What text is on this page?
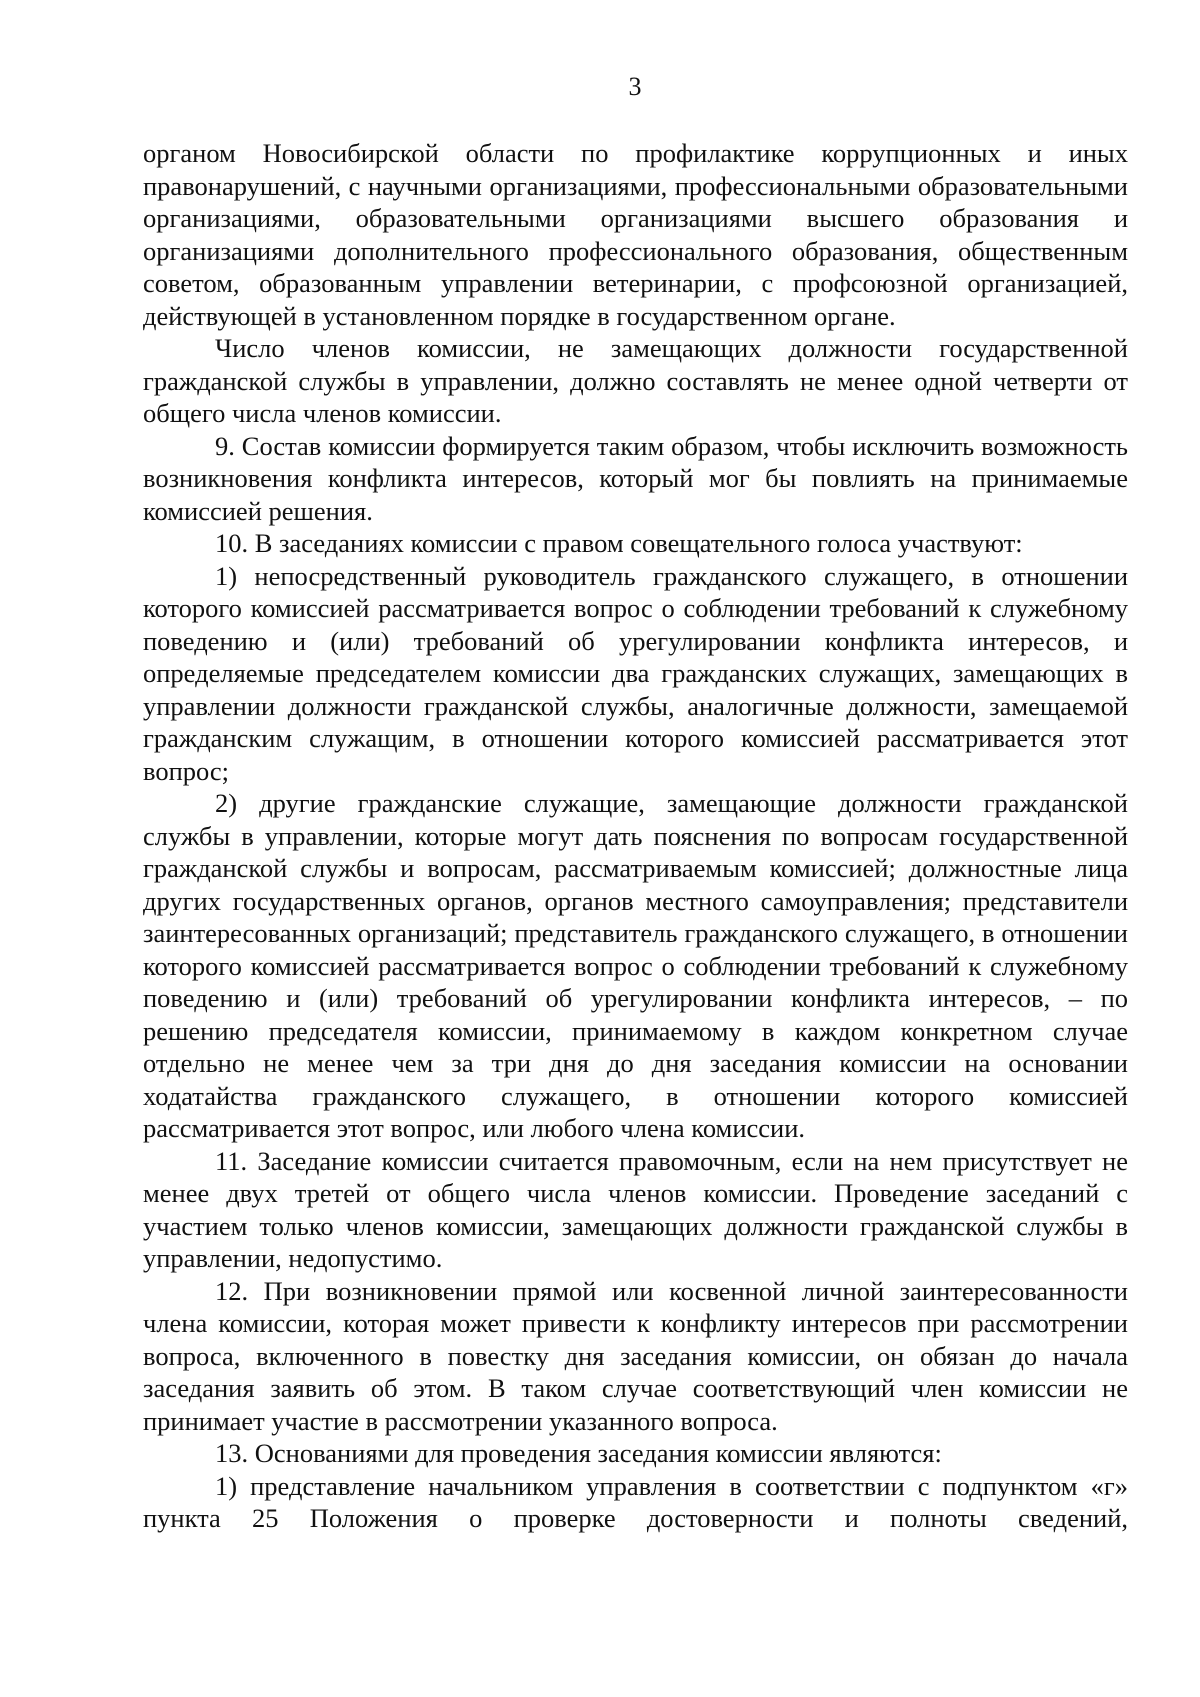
3

органом Новосибирской области по профилактике коррупционных и иных правонарушений, с научными организациями, профессиональными образовательными организациями, образовательными организациями высшего образования и организациями дополнительного профессионального образования, общественным советом, образованным управлении ветеринарии, с профсоюзной организацией, действующей в установленном порядке в государственном органе.

Число членов комиссии, не замещающих должности государственной гражданской службы в управлении, должно составлять не менее одной четверти от общего числа членов комиссии.

9. Состав комиссии формируется таким образом, чтобы исключить возможность возникновения конфликта интересов, который мог бы повлиять на принимаемые комиссией решения.

10. В заседаниях комиссии с правом совещательного голоса участвуют:

1) непосредственный руководитель гражданского служащего, в отношении которого комиссией рассматривается вопрос о соблюдении требований к служебному поведению и (или) требований об урегулировании конфликта интересов, и определяемые председателем комиссии два гражданских служащих, замещающих в управлении должности гражданской службы, аналогичные должности, замещаемой гражданским служащим, в отношении которого комиссией рассматривается этот вопрос;

2) другие гражданские служащие, замещающие должности гражданской службы в управлении, которые могут дать пояснения по вопросам государственной гражданской службы и вопросам, рассматриваемым комиссией; должностные лица других государственных органов, органов местного самоуправления; представители заинтересованных организаций; представитель гражданского служащего, в отношении которого комиссией рассматривается вопрос о соблюдении требований к служебному поведению и (или) требований об урегулировании конфликта интересов, – по решению председателя комиссии, принимаемому в каждом конкретном случае отдельно не менее чем за три дня до дня заседания комиссии на основании ходатайства гражданского служащего, в отношении которого комиссией рассматривается этот вопрос, или любого члена комиссии.

11. Заседание комиссии считается правомочным, если на нем присутствует не менее двух третей от общего числа членов комиссии. Проведение заседаний с участием только членов комиссии, замещающих должности гражданской службы в управлении, недопустимо.

12. При возникновении прямой или косвенной личной заинтересованности члена комиссии, которая может привести к конфликту интересов при рассмотрении вопроса, включенного в повестку дня заседания комиссии, он обязан до начала заседания заявить об этом. В таком случае соответствующий член комиссии не принимает участие в рассмотрении указанного вопроса.

13. Основаниями для проведения заседания комиссии являются:

1) представление начальником управления в соответствии с подпунктом «г» пункта 25 Положения о проверке достоверности и полноты сведений,
